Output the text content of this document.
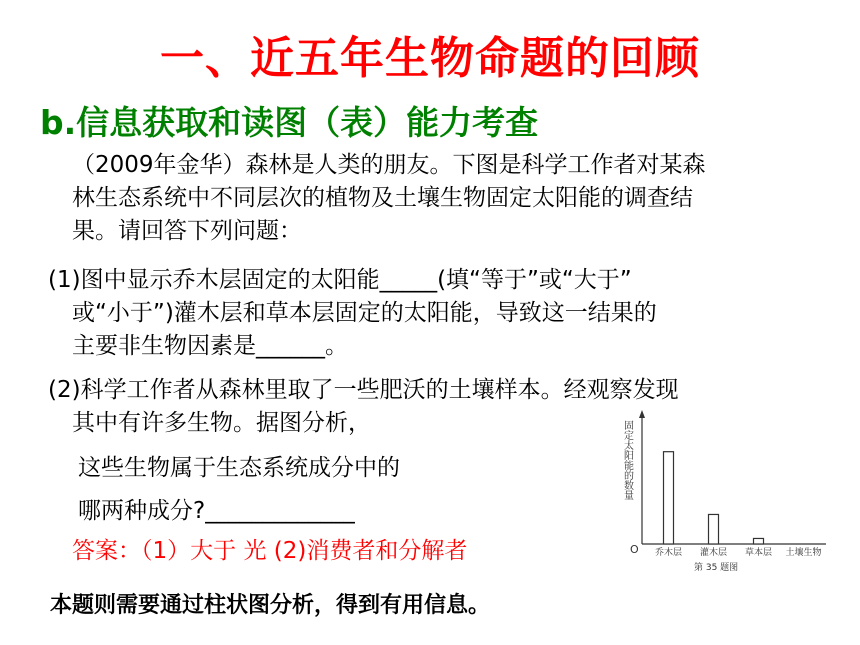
一、近五年生物命题的回顾
b.信息获取和读图（表）能力考查
（2009年金华）森林是人类的朋友。下图是科学工作者对某森
林生态系统中不同层次的植物及土壤生物固定太阳能的调查结
果。请回答下列问题：
(1)图中显示乔木层固定的太阳能_____(填“等于”或“大于”
或“小于”)灌木层和草本层固定的太阳能，导致这一结果的
主要非生物因素是______。
(2)科学工作者从森林里取了一些肥沃的土壤样本。经观察发现
其中有许多生物。据图分析，
这些生物属于生态系统成分中的
哪两种成分?_____________
答案：（1）大于 光 (2)消费者和分解者
本题则需要通过柱状图分析，得到有用信息。
固定太阳能的数量
O 乔木层 灌木层 草本层 土壤生物
第 35 题图
